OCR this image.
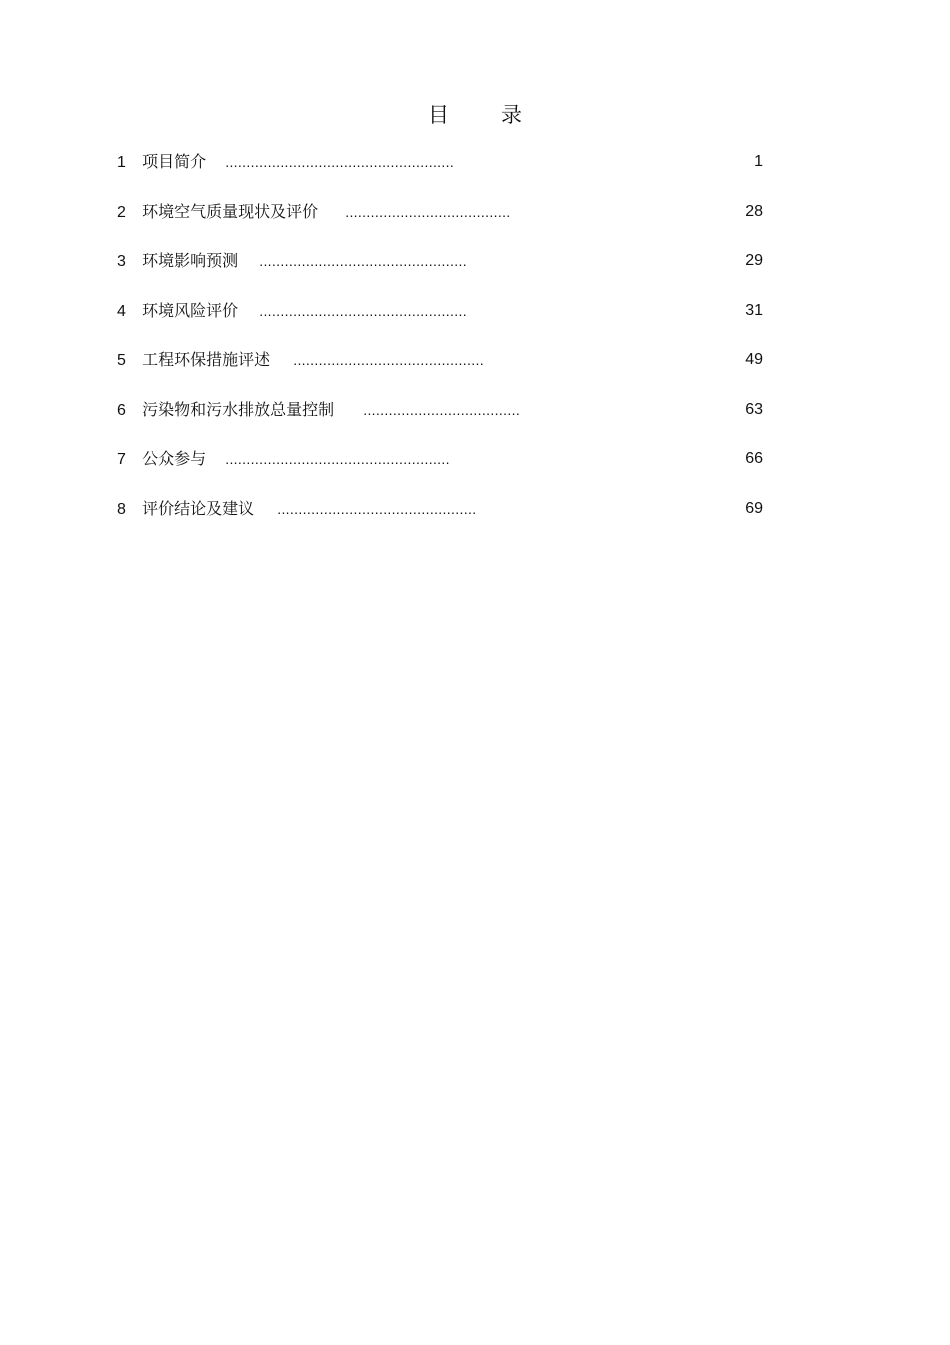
目 录
1 项目简介 ......................................................	1
2 环境空气质量现状及评价 .......................................	28
3 环境影响预测 .................................................	29
4 环境风险评价 .................................................	31
5 工程环保措施评述 .............................................	49
6 污染物和污水排放总量控制 .....................................	63
7 公众参与 .....................................................	66
8 评价结论及建议 ...............................................	69
